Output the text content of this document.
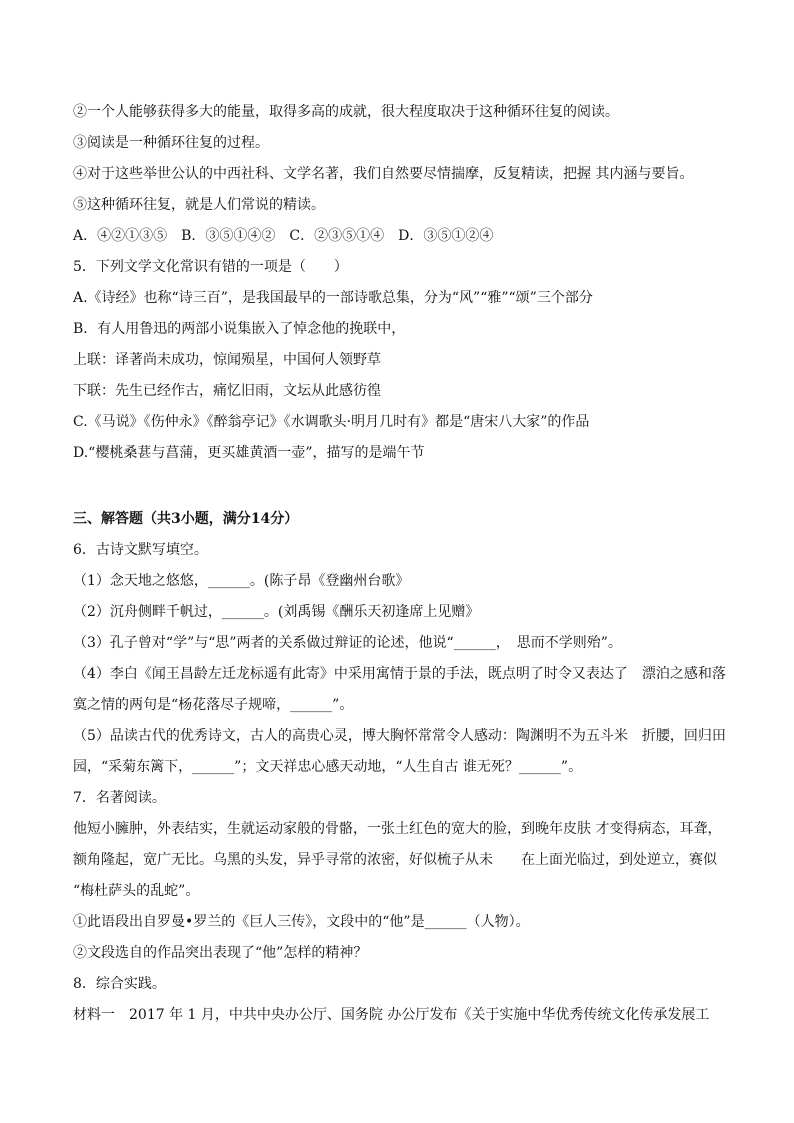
②一个人能够获得多大的能量，取得多高的成就，很大程度取决于这种循环往复的阅读。
③阅读是一种循环往复的过程。
④对于这些举世公认的中西社科、文学名著，我们自然要尽情揣摩，反复精读，把握 其内涵与要旨。
⑤这种循环往复，就是人们常说的精读。
A．④②①③⑤　B．③⑤①④②　C．②③⑤①④　D．③⑤①②④
5．下列文学文化常识有错的一项是（　　）
A.《诗经》也称“诗三百”，是我国最早的一部诗歌总集，分为“风”“雅”“颂”三个部分
B．有人用鲁迅的两部小说集嵌入了悼念他的挽联中，
上联：译著尚未成功，惊闻殒星，中国何人领野草
下联：先生已经作古，痛忆旧雨，文坛从此感彷徨
C.《马说》《伤仲永》《醉翁亭记》《水调歌头·明月几时有》都是“唐宋八大家”的作品
D.“樱桃桑葚与菖蒲，更买雄黄酒一壶”，描写的是端午节
三、解答题（共3小题，满分14分）
6．古诗文默写填空。
（1）念天地之悠悠，______。(陈子昂《登幽州台歌》
（2）沉舟侧畔千帆过，______。(刘禹锡《酬乐天初逢席上见赠》
（3）孔子曾对“学”与“思”两者的关系做过辩证的论述，他说“______，　思而不学则殆”。
（4）李白《闻王昌龄左迁龙标遥有此寄》中采用寓情于景的手法，既点明了时令又表达了　漂泊之感和落
寞之情的两句是“杨花落尽子规啼，______”。
（5）品读古代的优秀诗文，古人的高贵心灵，博大胸怀常常令人感动：陶渊明不为五斗米　折腰，回归田
园，“采菊东篱下，______”；文天祥忠心感天动地，“人生自古 谁无死？______”。
7．名著阅读。
他短小臃肿，外表结实，生就运动家般的骨骼，一张土红色的宽大的脸，到晚年皮肤 才变得病态，耳聋，
额角隆起，宽广无比。乌黑的头发，异乎寻常的浓密，好似梳子从未　　在上面光临过，到处逆立，赛似
“梅杜萨头的乱蛇”。
①此语段出自罗曼•罗兰的《巨人三传》，文段中的“他”是______（人物）。
②文段选自的作品突出表现了“他”怎样的精神？
8．综合实践。
材料一　2017 年 1 月，中共中央办公厅、国务院 办公厅发布《关于实施中华优秀传统文化传承发展工
